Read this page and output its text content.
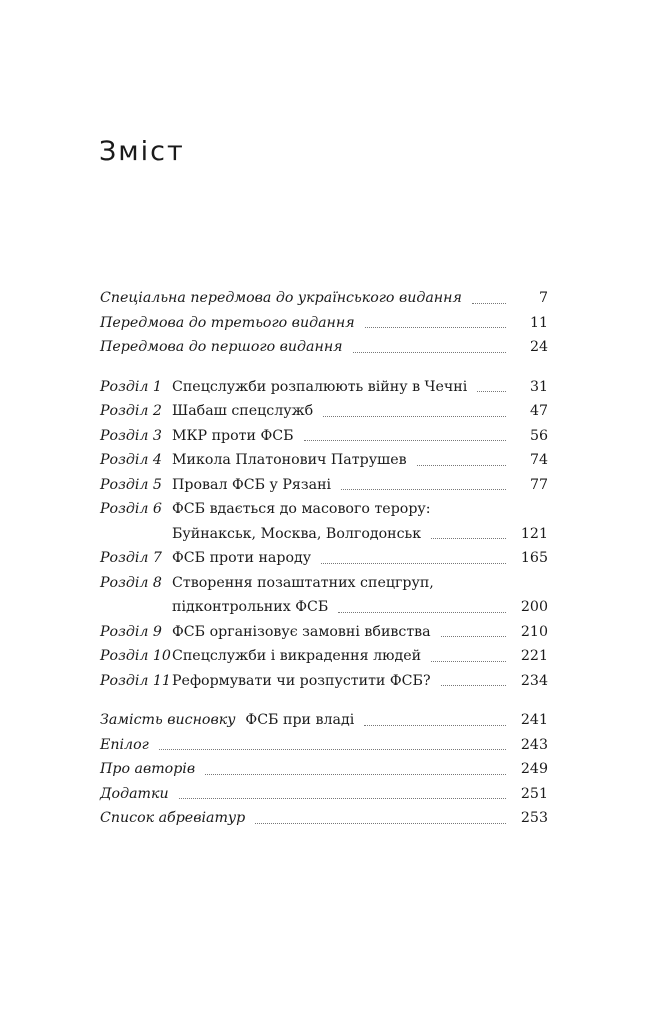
Зміст
Спеціальна передмова до українського видання	7
Передмова до третього видання	11
Передмова до першого видання	24
Розділ 1 Спецслужби розпалюють війну в Чечні	31
Розділ 2 Шабаш спецслужб	47
Розділ 3 МКР проти ФСБ	56
Розділ 4 Микола Платонович Патрушев	74
Розділ 5 Провал ФСБ у Рязані	77
Розділ 6 ФСБ вдається до масового терору:
Буйнакськ, Москва, Волгодонськ	121
Розділ 7 ФСБ проти народу	165
Розділ 8 Створення позаштатних спецгруп,
підконтрольних ФСБ	200
Розділ 9 ФСБ організовує замовні вбивства	210
Розділ 10 Спецслужби і викрадення людей	221
Розділ 11 Реформувати чи розпустити ФСБ?	234
Замість висновку ФСБ при владі	241
Епілог	243
Про авторів	249
Додатки	251
Список абревіатур	253
